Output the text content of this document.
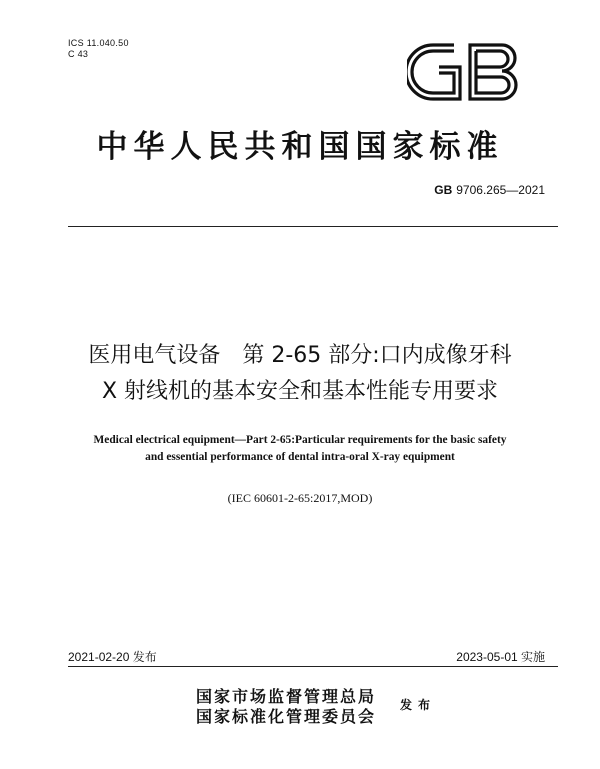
ICS 11.040.50
C 43
GB
中华人民共和国国家标准
GB 9706.265—2021
医用电气设备　第 2-65 部分:口内成像牙科
X 射线机的基本安全和基本性能专用要求
Medical electrical equipment—Part 2-65:Particular requirements for the basic safety
and essential performance of dental intra-oral X-ray equipment
(IEC 60601-2-65:2017,MOD)
2021-02-20 发布	2023-05-01 实施
国家市场监督管理总局
国家标准化管理委员会
发布
